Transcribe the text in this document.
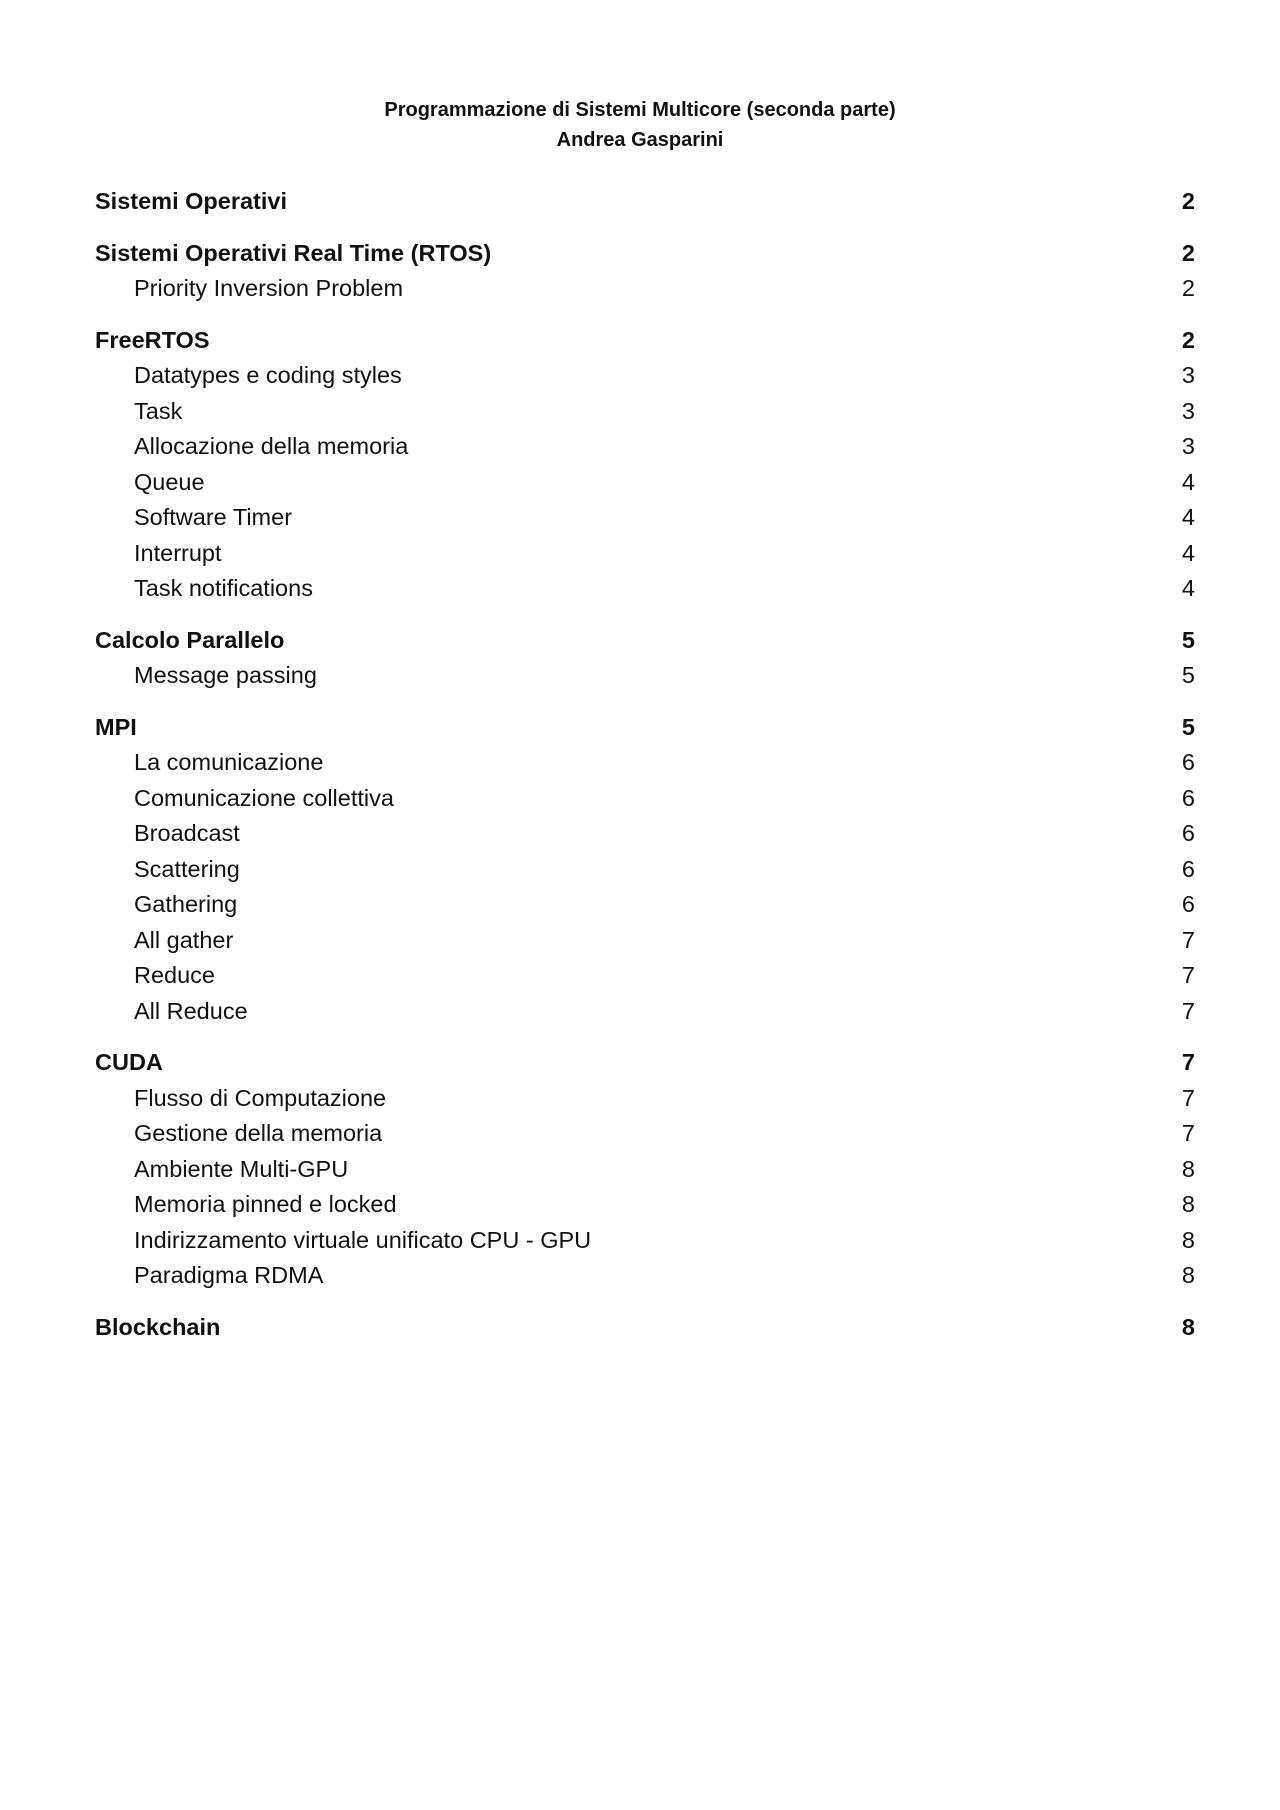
Programmazione di Sistemi Multicore (seconda parte)
Andrea Gasparini
Sistemi Operativi	2
Sistemi Operativi Real Time (RTOS)	2
Priority Inversion Problem	2
FreeRTOS	2
Datatypes e coding styles	3
Task	3
Allocazione della memoria	3
Queue	4
Software Timer	4
Interrupt	4
Task notifications	4
Calcolo Parallelo	5
Message passing	5
MPI	5
La comunicazione	6
Comunicazione collettiva	6
Broadcast	6
Scattering	6
Gathering	6
All gather	7
Reduce	7
All Reduce	7
CUDA	7
Flusso di Computazione	7
Gestione della memoria	7
Ambiente Multi-GPU	8
Memoria pinned e locked	8
Indirizzamento virtuale unificato CPU - GPU	8
Paradigma RDMA	8
Blockchain	8
